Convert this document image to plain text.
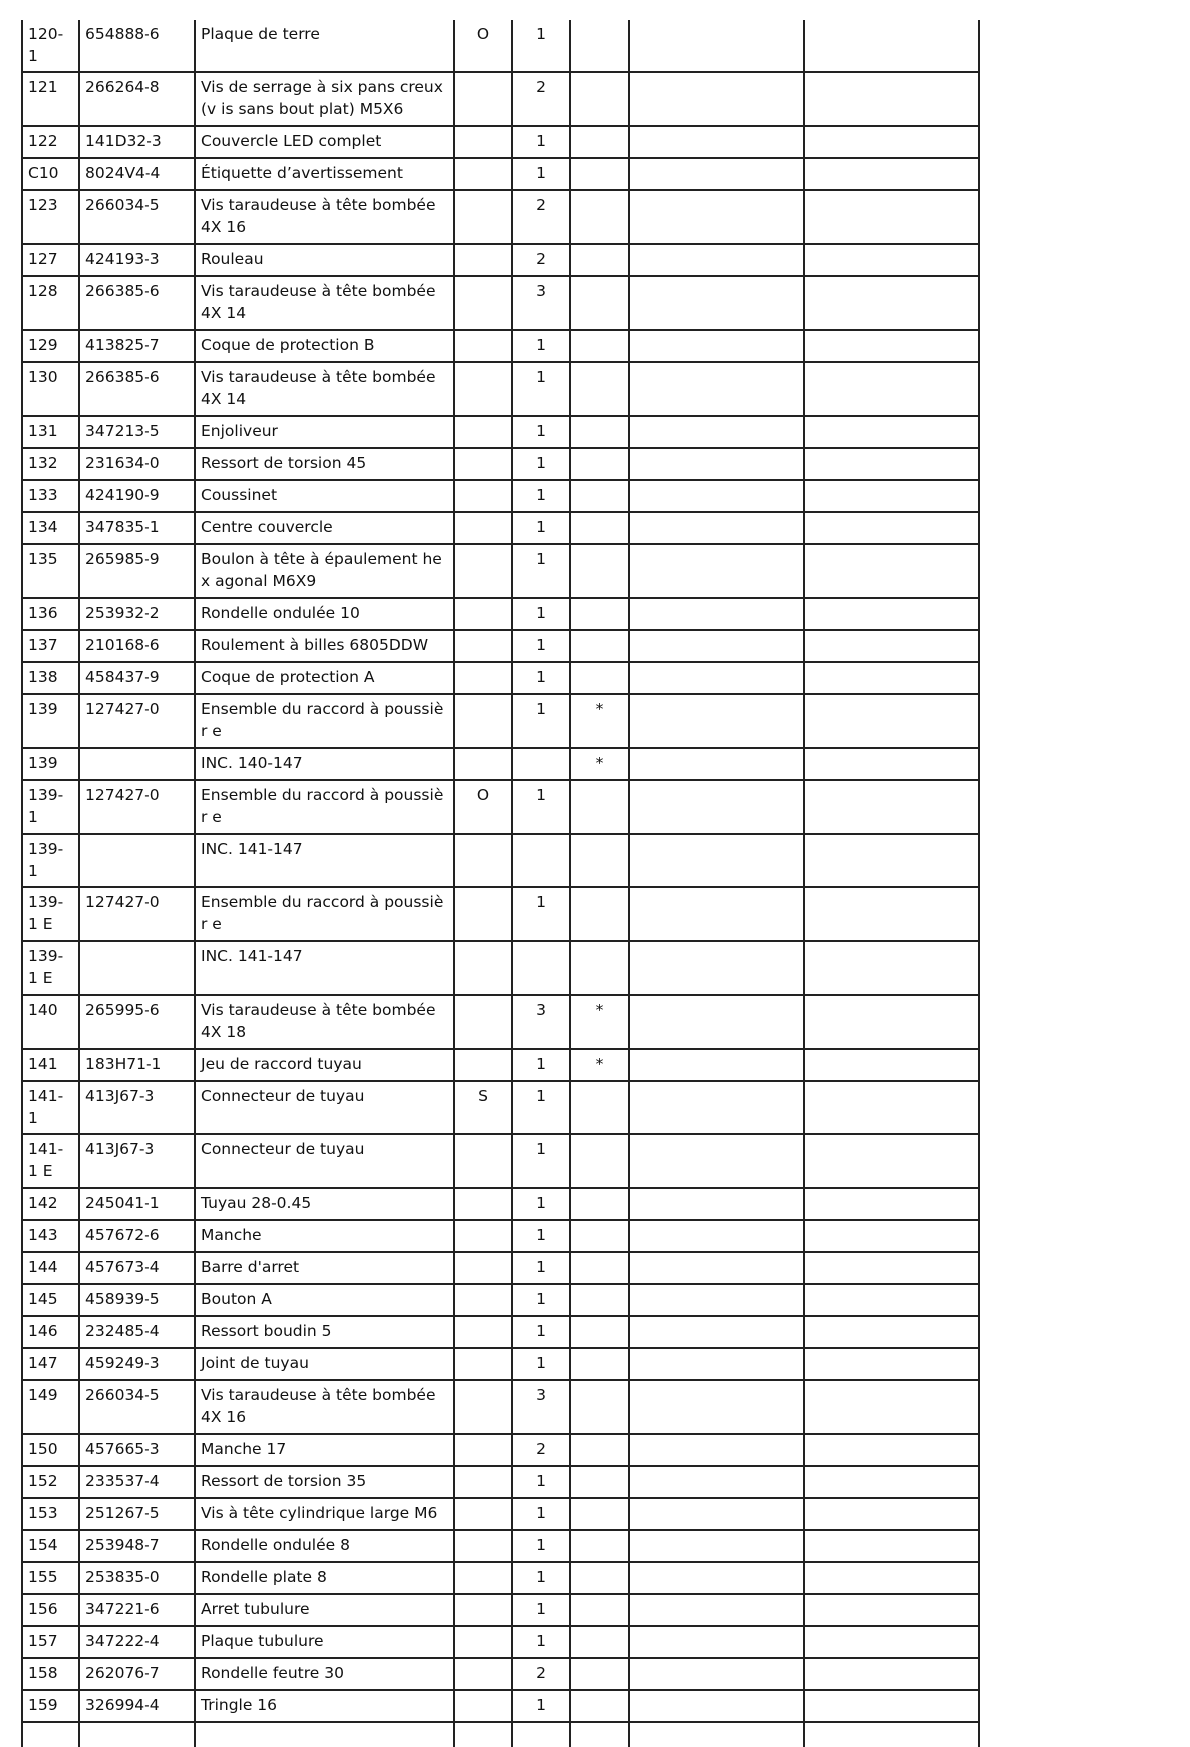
120-1	654888-6	Plaque de terre	O	1			
121	266264-8	Vis de serrage à six pans creux (v is sans bout plat) M5X6		2			
122	141D32-3	Couvercle LED complet		1			
C10	8024V4-4	Étiquette d’avertissement		1			
123	266034-5	Vis taraudeuse à tête bombée 4X 16		2			
127	424193-3	Rouleau		2			
128	266385-6	Vis taraudeuse à tête bombée 4X 14		3			
129	413825-7	Coque de protection B		1			
130	266385-6	Vis taraudeuse à tête bombée 4X 14		1			
131	347213-5	Enjoliveur		1			
132	231634-0	Ressort de torsion 45		1			
133	424190-9	Coussinet		1			
134	347835-1	Centre couvercle		1			
135	265985-9	Boulon à tête à épaulement hex agonal M6X9		1			
136	253932-2	Rondelle ondulée 10		1			
137	210168-6	Roulement à billes 6805DDW		1			
138	458437-9	Coque de protection A		1			
139	127427-0	Ensemble du raccord à poussièr e		1	*		
139		INC. 140-147			*		
139-1	127427-0	Ensemble du raccord à poussièr e	O	1			
139-1		INC. 141-147					
139-1 E	127427-0	Ensemble du raccord à poussièr e		1			
139-1 E		INC. 141-147					
140	265995-6	Vis taraudeuse à tête bombée 4X 18		3	*		
141	183H71-1	Jeu de raccord tuyau		1	*		
141-1	413J67-3	Connecteur de tuyau	S	1			
141-1 E	413J67-3	Connecteur de tuyau		1			
142	245041-1	Tuyau 28-0.45		1			
143	457672-6	Manche		1			
144	457673-4	Barre d'arret		1			
145	458939-5	Bouton A		1			
146	232485-4	Ressort boudin 5		1			
147	459249-3	Joint de tuyau		1			
149	266034-5	Vis taraudeuse à tête bombée 4X 16		3			
150	457665-3	Manche 17		2			
152	233537-4	Ressort de torsion 35		1			
153	251267-5	Vis à tête cylindrique large M6		1			
154	253948-7	Rondelle ondulée 8		1			
155	253835-0	Rondelle plate 8		1			
156	347221-6	Arret tubulure		1			
157	347222-4	Plaque tubulure		1			
158	262076-7	Rondelle feutre 30		2			
159	326994-4	Tringle 16		1			
